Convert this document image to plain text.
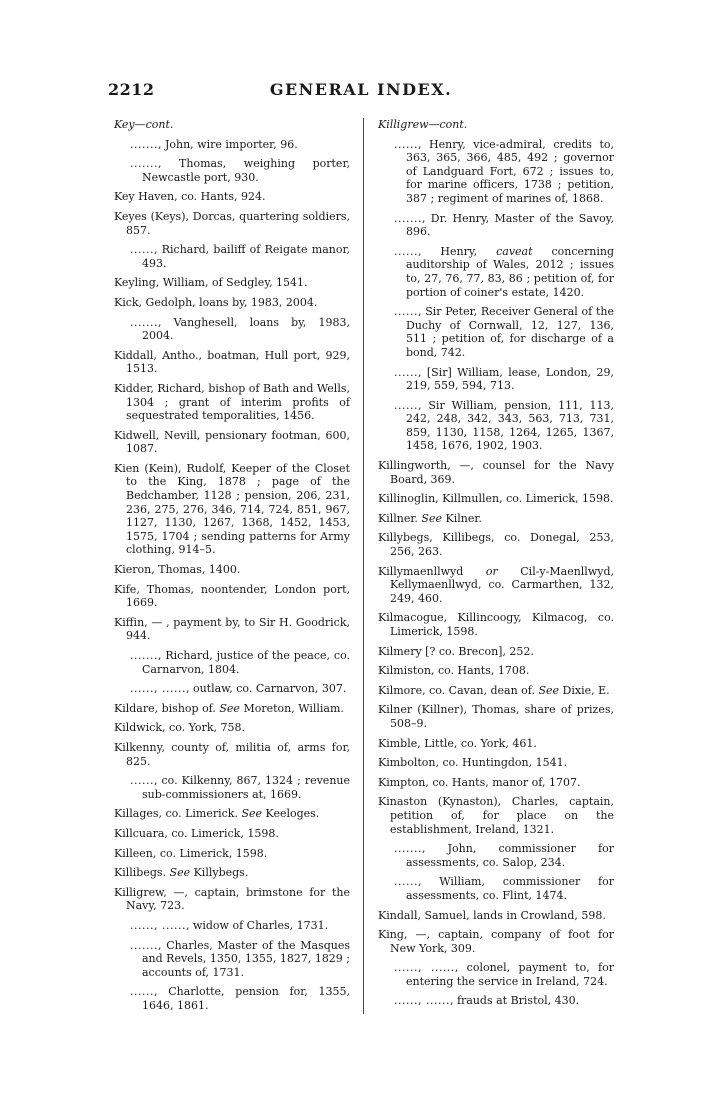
2212	GENERAL INDEX.
Key—cont.
......., John, wire importer, 96.
......., Thomas, weighing porter, Newcastle port, 930.
Key Haven, co. Hants, 924.
Keyes (Keys), Dorcas, quartering soldiers, 857.
......, Richard, bailiff of Reigate manor, 493.
Keyling, William, of Sedgley, 1541.
Kick, Gedolph, loans by, 1983, 2004.
......., Vanghesell, loans by, 1983, 2004.
Kiddall, Antho., boatman, Hull port, 929, 1513.
Kidder, Richard, bishop of Bath and Wells, 1304 ; grant of interim profits of sequestrated temporalities, 1456.
Kidwell, Nevill, pensionary footman, 600, 1087.
Kien (Kein), Rudolf, Keeper of the Closet to the King, 1878 ; page of the Bedchamber, 1128 ; pension, 206, 231, 236, 275, 276, 346, 714, 724, 851, 967, 1127, 1130, 1267, 1368, 1452, 1453, 1575, 1704 ; sending patterns for Army clothing, 914–5.
Kieron, Thomas, 1400.
Kife, Thomas, noontender, London port, 1669.
Kiffin, — , payment by, to Sir H. Goodrick, 944.
......., Richard, justice of the peace, co. Carnarvon, 1804.
......, ......, outlaw, co. Carnarvon, 307.
Kildare, bishop of. See Moreton, William.
Kildwick, co. York, 758.
Kilkenny, county of, militia of, arms for, 825.
......, co. Kilkenny, 867, 1324 ; revenue sub-commissioners at, 1669.
Killages, co. Limerick. See Keeloges.
Killcuara, co. Limerick, 1598.
Killeen, co. Limerick, 1598.
Killibegs. See Killybegs.
Killigrew, —, captain, brimstone for the Navy, 723.
......, ......, widow of Charles, 1731.
......., Charles, Master of the Masques and Revels, 1350, 1355, 1827, 1829 ; accounts of, 1731.
......, Charlotte, pension for, 1355, 1646, 1861.
Killigrew—cont.
......, Henry, vice-admiral, credits to, 363, 365, 366, 485, 492 ; governor of Landguard Fort, 672 ; issues to, for marine officers, 1738 ; petition, 387 ; regiment of marines of, 1868.
......., Dr. Henry, Master of the Savoy, 896.
......, Henry, caveat concerning auditorship of Wales, 2012 ; issues to, 27, 76, 77, 83, 86 ; petition of, for portion of coiner's estate, 1420.
......, Sir Peter, Receiver General of the Duchy of Cornwall, 12, 127, 136, 511 ; petition of, for discharge of a bond, 742.
......, [Sir] William, lease, London, 29, 219, 559, 594, 713.
......, Sir William, pension, 111, 113, 242, 248, 342, 343, 563, 713, 731, 859, 1130, 1158, 1264, 1265, 1367, 1458, 1676, 1902, 1903.
Killingworth, —, counsel for the Navy Board, 369.
Killinoglin, Killmullen, co. Limerick, 1598.
Killner. See Kilner.
Killybegs, Killibegs, co. Donegal, 253, 256, 263.
Killymaenllwyd or Cil-y-Maenllwyd, Kellymaenllwyd, co. Carmarthen, 132, 249, 460.
Kilmacogue, Killincoogy, Kilmacog, co. Limerick, 1598.
Kilmery [? co. Brecon], 252.
Kilmiston, co. Hants, 1708.
Kilmore, co. Cavan, dean of. See Dixie, E.
Kilner (Killner), Thomas, share of prizes, 508–9.
Kimble, Little, co. York, 461.
Kimbolton, co. Huntingdon, 1541.
Kimpton, co. Hants, manor of, 1707.
Kinaston (Kynaston), Charles, captain, petition of, for place on the establishment, Ireland, 1321.
......., John, commissioner for assessments, co. Salop, 234.
......, William, commissioner for assessments, co. Flint, 1474.
Kindall, Samuel, lands in Crowland, 598.
King, —, captain, company of foot for New York, 309.
......, ......, colonel, payment to, for entering the service in Ireland, 724.
......, ......, frauds at Bristol, 430.
